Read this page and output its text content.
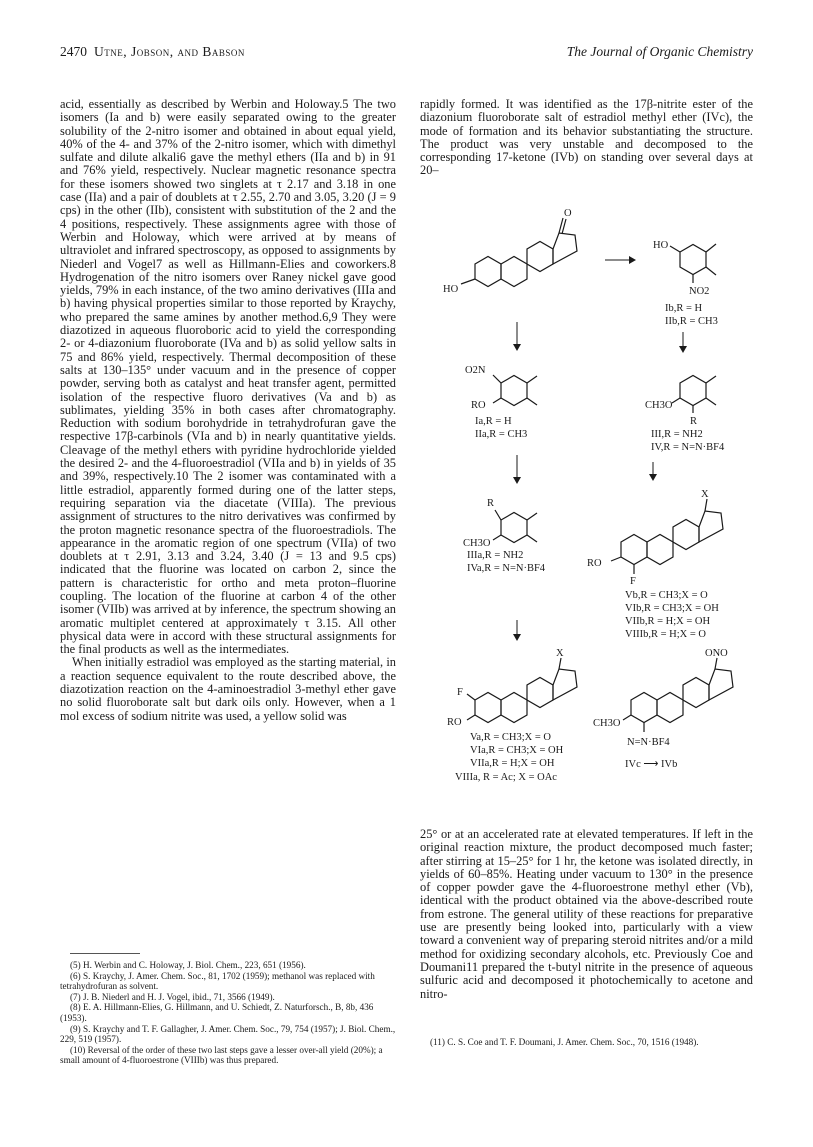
2470 Utne, Jobson, and Babson	The Journal of Organic Chemistry

acid, essentially as described by Werbin and Holoway.5 The two isomers (Ia and b) were easily separated owing to the greater solubility of the 2-nitro isomer and obtained in about equal yield, 40% of the 4- and 37% of the 2-nitro isomer, which with dimethyl sulfate and dilute alkali6 gave the methyl ethers (IIa and b) in 91 and 76% yield, respectively. Nuclear magnetic resonance spectra for these isomers showed two singlets at τ 2.17 and 3.18 in one case (IIa) and a pair of doublets at τ 2.55, 2.70 and 3.05, 3.20 (J = 9 cps) in the other (IIb), consistent with substitution of the 2 and the 4 positions, respectively. These assignments agree with those of Werbin and Holoway, which were arrived at by means of ultraviolet and infrared spectroscopy, as opposed to assignments by Niederl and Vogel7 as well as Hillmann-Elies and coworkers.8 Hydrogenation of the nitro isomers over Raney nickel gave good yields, 79% in each instance, of the two amino derivatives (IIIa and b) having physical properties similar to those reported by Kraychy, who prepared the same amines by another method.6,9 They were diazotized in aqueous fluoroboric acid to yield the corresponding 2- or 4-diazonium fluoroborate (IVa and b) as solid yellow salts in 75 and 86% yield, respectively. Thermal decomposition of these salts at 130–135° under vacuum and in the presence of copper powder, serving both as catalyst and heat transfer agent, permitted isolation of the respective fluoro derivatives (Va and b) as sublimates, yielding 35% in both cases after chromatography. Reduction with sodium borohydride in tetrahydrofuran gave the respective 17β-carbinols (VIa and b) in nearly quantitative yields. Cleavage of the methyl ethers with pyridine hydrochloride yielded the desired 2- and the 4-fluoroestradiol (VIIa and b) in yields of 35 and 39%, respectively.10 The 2 isomer was contaminated with a little estradiol, apparently formed during one of the latter steps, requiring separation via the diacetate (VIIIa). The previous assignment of structures to the nitro derivatives was confirmed by the proton magnetic resonance spectra of the fluoroestradiols. The appearance in the aromatic region of one spectrum (VIIa) of two doublets at τ 2.91, 3.13 and 3.24, 3.40 (J = 13 and 9.5 cps) indicated that the fluorine was located on carbon 2, since the pattern is characteristic for ortho and meta proton–fluorine coupling. The location of the fluorine at carbon 4 of the other isomer (VIIb) was arrived at by inference, the spectrum showing an aromatic multiplet centered at approximately τ 3.15. All other physical data were in accord with these structural assignments for the final products as well as the intermediates.

When initially estradiol was employed as the starting material, in a reaction sequence equivalent to the route described above, the diazotization reaction on the 4-aminoestradiol 3-methyl ether gave no solid fluoroborate salt but dark oils only. However, when a 1 mol excess of sodium nitrite was used, a yellow solid was

(5) H. Werbin and C. Holoway, J. Biol. Chem., 223, 651 (1956).

(6) S. Kraychy, J. Amer. Chem. Soc., 81, 1702 (1959); methanol was replaced with tetrahydrofuran as solvent.

(7) J. B. Niederl and H. J. Vogel, ibid., 71, 3566 (1949).

(8) E. A. Hillmann-Elies, G. Hillmann, and U. Schiedt, Z. Naturforsch., B, 8b, 436 (1953).

(9) S. Kraychy and T. F. Gallagher, J. Amer. Chem. Soc., 79, 754 (1957); J. Biol. Chem., 229, 519 (1957).

(10) Reversal of the order of these two last steps gave a lesser over-all yield (20%); a small amount of 4-fluoroestrone (VIIIb) was thus prepared.

rapidly formed. It was identified as the 17β-nitrite ester of the diazonium fluoroborate salt of estradiol methyl ether (IVc), the mode of formation and its behavior substantiating the structure. The product was very unstable and decomposed to the corresponding 17-ketone (IVb) on standing over several days at 20–

O
HO
HO
NO2
Ib,R = H
IIb,R = CH3
O2N
RO
Ia,R = H
IIa,R = CH3
CH3O
R
III,R = NH2
IV,R = N=N·BF4
R
CH3O
IIIa,R = NH2
IVa,R = N=N·BF4
X
RO
F
Vb,R = CH3;X = O
VIb,R = CH3;X = OH
VIIb,R = H;X = OH
VIIIb,R = H;X = O
X
F
RO
Va,R = CH3;X = O
VIa,R = CH3;X = OH
VIIa,R = H;X = OH
VIIIa, R = Ac; X = OAc
ONO
CH3O
N=N·BF4
IVc ⟶ IVb

25° or at an accelerated rate at elevated temperatures. If left in the original reaction mixture, the product decomposed much faster; after stirring at 15–25° for 1 hr, the ketone was isolated directly, in yields of 60–85%. Heating under vacuum to 130° in the presence of copper powder gave the 4-fluoroestrone methyl ether (Vb), identical with the product obtained via the above-described route from estrone. The general utility of these reactions for preparative use are presently being looked into, particularly with a view toward a convenient way of preparing steroid nitrites and/or a mild method for oxidizing secondary alcohols, etc. Previously Coe and Doumani11 prepared the t-butyl nitrite in the presence of aqueous sulfuric acid and decomposed it photochemically to acetone and nitro-

(11) C. S. Coe and T. F. Doumani, J. Amer. Chem. Soc., 70, 1516 (1948).
